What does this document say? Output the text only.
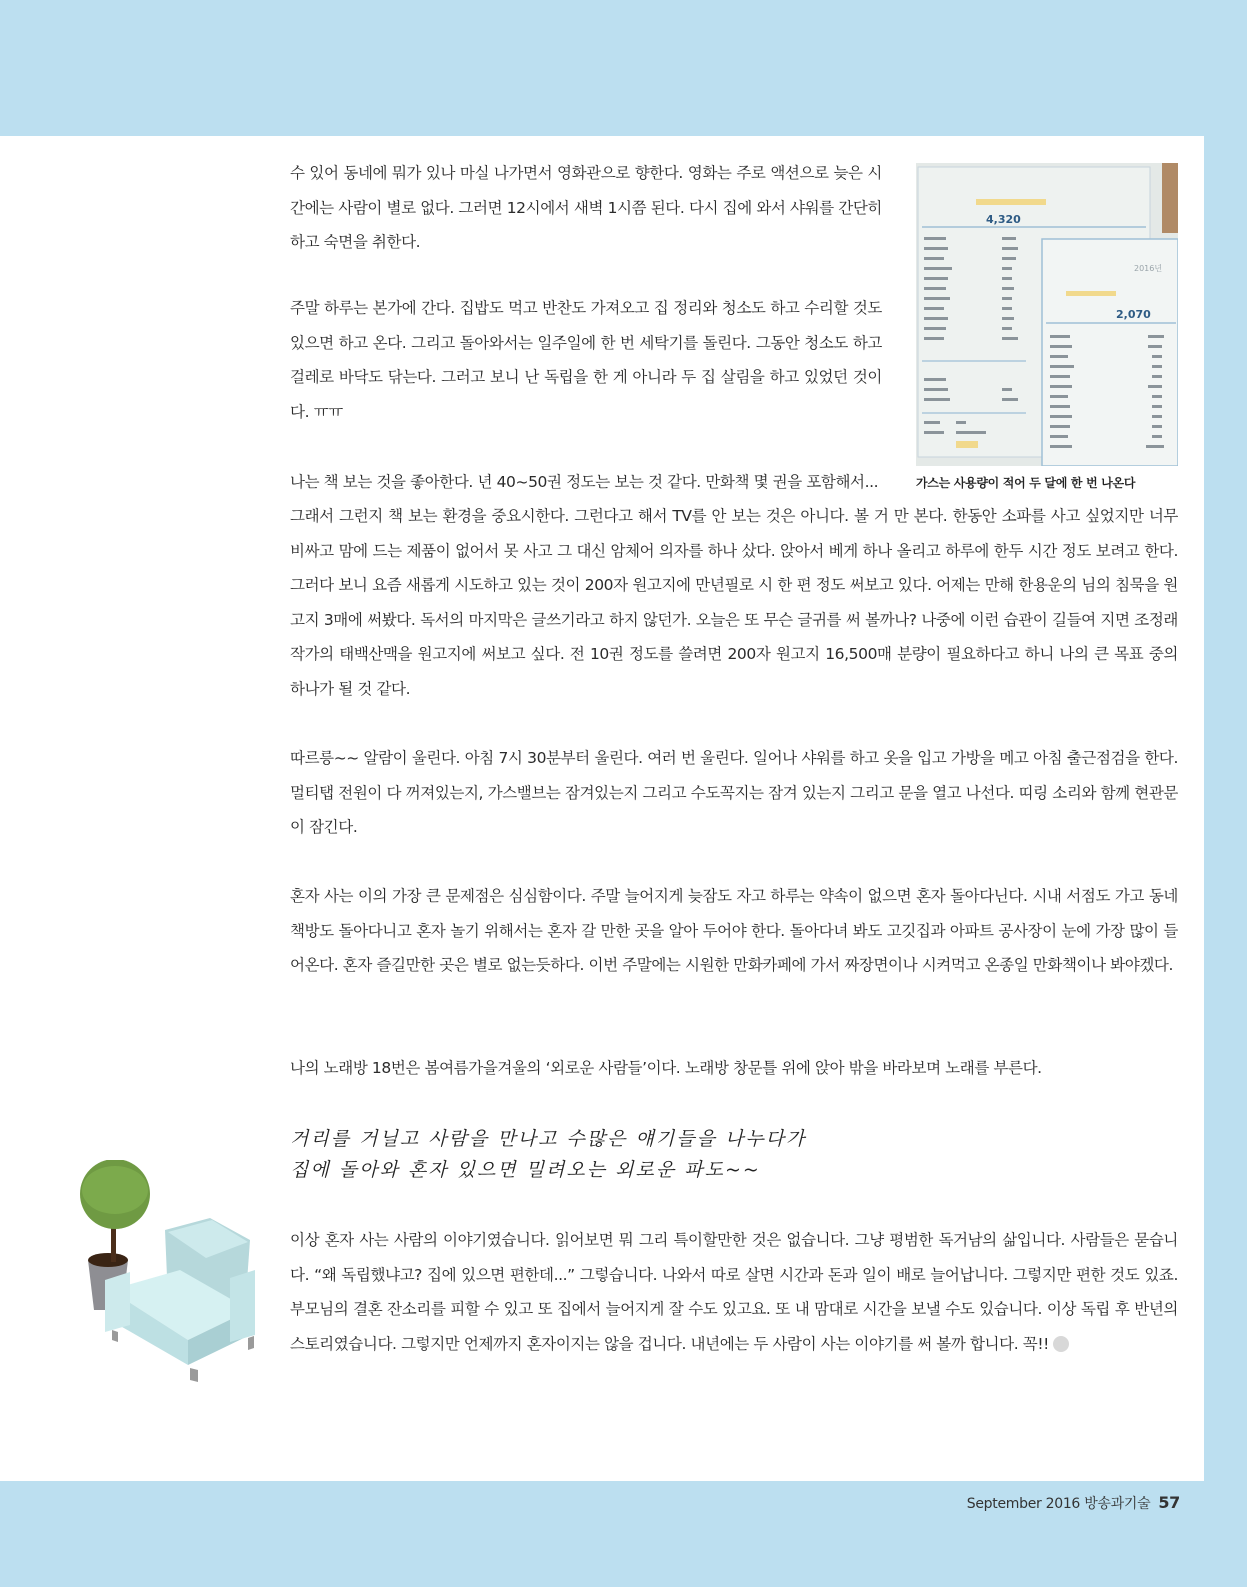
수 있어 동네에 뭐가 있나 마실 나가면서 영화관으로 향한다. 영화는 주로 액션으로 늦은 시간에는 사람이 별로 없다. 그러면 12시에서 새벽 1시쯤 된다. 다시 집에 와서 샤워를 간단히 하고 숙면을 취한다.

주말 하루는 본가에 간다. 집밥도 먹고 반찬도 가져오고 집 정리와 청소도 하고 수리할 것도 있으면 하고 온다. 그리고 돌아와서는 일주일에 한 번 세탁기를 돌린다. 그동안 청소도 하고 걸레로 바닥도 닦는다. 그러고 보니 난 독립을 한 게 아니라 두 집 살림을 하고 있었던 것이다. ㅠㅠ

나는 책 보는 것을 좋아한다. 년 40~50권 정도는 보는 것 같다. 만화책 몇 권을 포함해서...

그래서 그런지 책 보는 환경을 중요시한다. 그런다고 해서 TV를 안 보는 것은 아니다. 볼 거 만 본다. 한동안 소파를 사고 싶었지만 너무 비싸고 맘에 드는 제품이 없어서 못 사고 그 대신 암체어 의자를 하나 샀다. 앉아서 베게 하나 올리고 하루에 한두 시간 정도 보려고 한다. 그러다 보니 요즘 새롭게 시도하고 있는 것이 200자 원고지에 만년필로 시 한 편 정도 써보고 있다. 어제는 만해 한용운의 님의 침묵을 원고지 3매에 써봤다. 독서의 마지막은 글쓰기라고 하지 않던가. 오늘은 또 무슨 글귀를 써 볼까나? 나중에 이런 습관이 길들여 지면 조정래 작가의 태백산맥을 원고지에 써보고 싶다. 전 10권 정도를 쓸려면 200자 원고지 16,500매 분량이 필요하다고 하니 나의 큰 목표 중의 하나가 될 것 같다.

4,320
2016년
2,070

가스는 사용량이 적어 두 달에 한 번 나온다

따르릉~~ 알람이 울린다. 아침 7시 30분부터 울린다. 여러 번 울린다. 일어나 샤워를 하고 옷을 입고 가방을 메고 아침 출근점검을 한다. 멀티탭 전원이 다 꺼져있는지, 가스밸브는 잠겨있는지 그리고 수도꼭지는 잠겨 있는지 그리고 문을 열고 나선다. 띠링 소리와 함께 현관문이 잠긴다.

혼자 사는 이의 가장 큰 문제점은 심심함이다. 주말 늘어지게 늦잠도 자고 하루는 약속이 없으면 혼자 돌아다닌다. 시내 서점도 가고 동네 책방도 돌아다니고 혼자 놀기 위해서는 혼자 갈 만한 곳을 알아 두어야 한다. 돌아다녀 봐도 고깃집과 아파트 공사장이 눈에 가장 많이 들어온다. 혼자 즐길만한 곳은 별로 없는듯하다. 이번 주말에는 시원한 만화카페에 가서 짜장면이나 시켜먹고 온종일 만화책이나 봐야겠다.

나의 노래방 18번은 봄여름가을겨울의 ‘외로운 사람들’이다. 노래방 창문틀 위에 앉아 밖을 바라보며 노래를 부른다.

거리를 거닐고 사람을 만나고 수많은 얘기들을 나누다가

집에 돌아와 혼자 있으면 밀려오는 외로운 파도~~

이상 혼자 사는 사람의 이야기였습니다. 읽어보면 뭐 그리 특이할만한 것은 없습니다. 그냥 평범한 독거남의 삶입니다. 사람들은 묻습니다. “왜 독립했냐고? 집에 있으면 편한데...” 그렇습니다. 나와서 따로 살면 시간과 돈과 일이 배로 늘어납니다. 그렇지만 편한 것도 있죠. 부모님의 결혼 잔소리를 피할 수 있고 또 집에서 늘어지게 잘 수도 있고요. 또 내 맘대로 시간을 보낼 수도 있습니다. 이상 독립 후 반년의 스토리였습니다. 그렇지만 언제까지 혼자이지는 않을 겁니다. 내년에는 두 사람이 사는 이야기를 써 볼까 합니다. 꼭!!

September 2016 방송과기술 57
